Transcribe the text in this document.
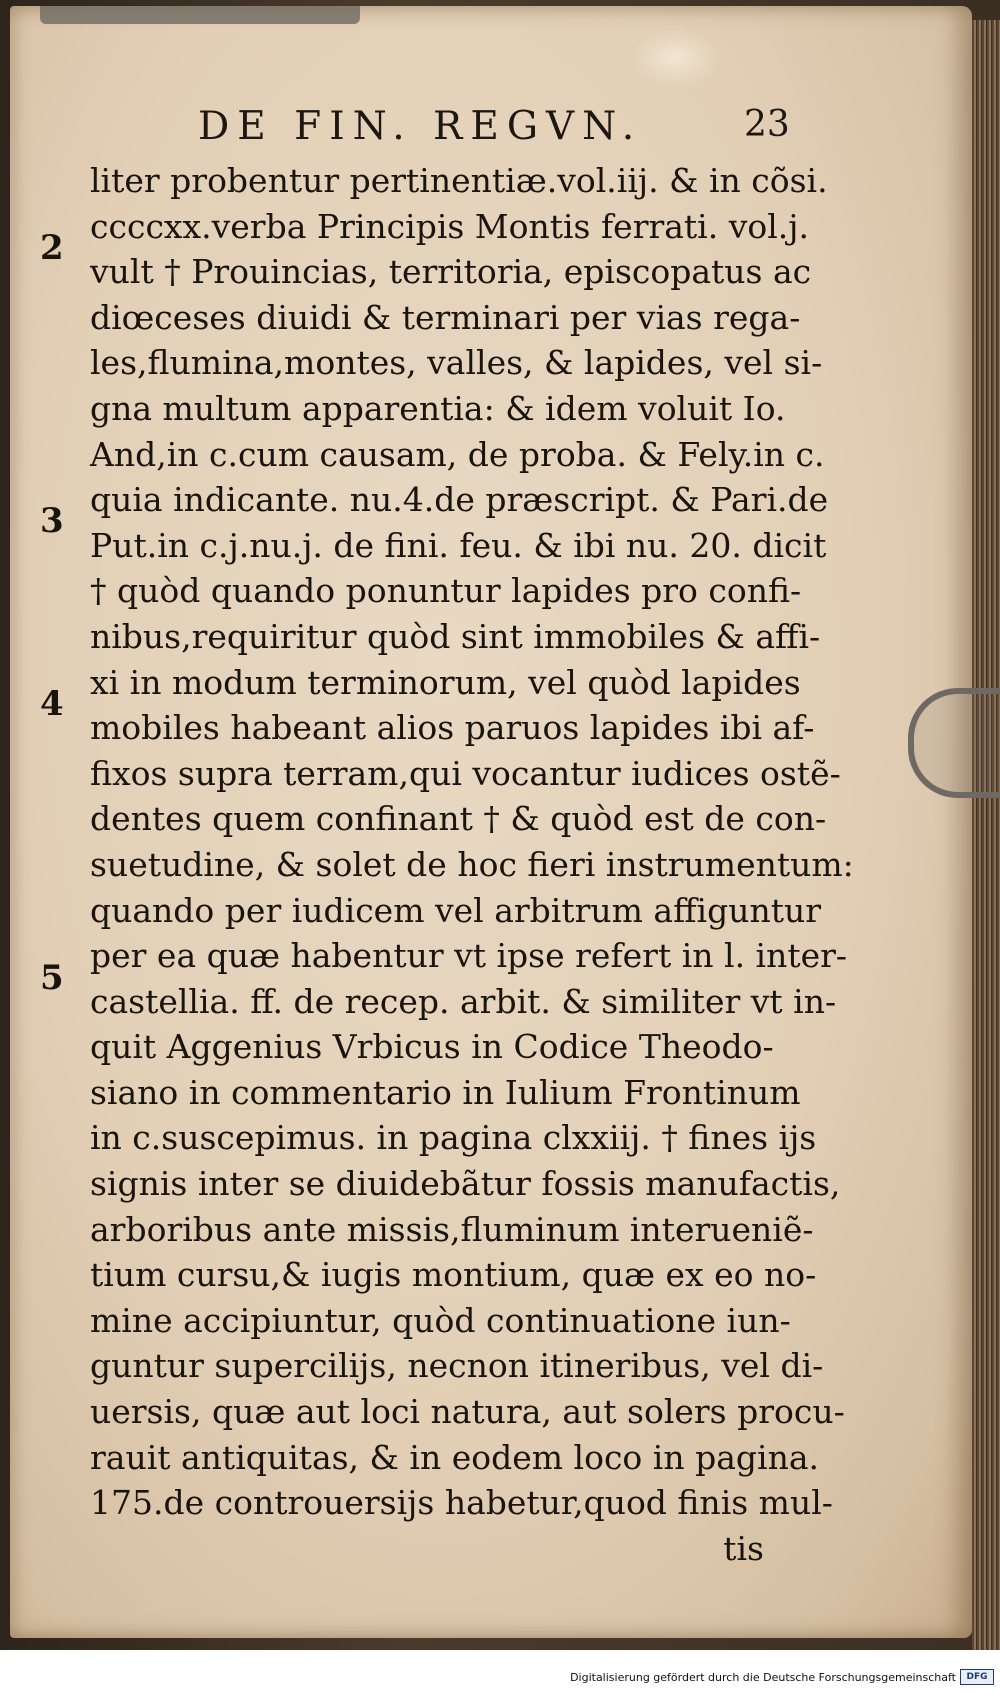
DE FIN. REGVN.	23
2
3
4
5
liter probentur pertinentiæ.vol.iij. & in cõsi.
ccccxx.verba Principis Montis ferrati. vol.j.
vult † Prouincias, territoria, episcopatus ac
diœceses diuidi & terminari per vias rega-
les,flumina,montes, valles, & lapides, vel si-
gna multum apparentia: & idem voluit Io.
And,in c.cum causam, de proba. & Fely.in c.
quia indicante. nu.4.de præscript. & Pari.de
Put.in c.j.nu.j. de fini. feu. & ibi nu. 20. dicit
† quòd quando ponuntur lapides pro confi-
nibus,requiritur quòd sint immobiles & affi-
xi in modum terminorum, vel quòd lapides
mobiles habeant alios paruos lapides ibi af-
fixos supra terram,qui vocantur iudices ostẽ-
dentes quem confinant † & quòd est de con-
suetudine, & solet de hoc fieri instrumentum:
quando per iudicem vel arbitrum affiguntur
per ea quæ habentur vt ipse refert in l. inter-
castellia. ff. de recep. arbit. & similiter vt in-
quit Aggenius Vrbicus in Codice Theodo-
siano in commentario in Iulium Frontinum
in c.suscepimus. in pagina clxxiij. † fines ijs
signis inter se diuidebãtur fossis manufactis,
arboribus ante missis,fluminum interueniẽ-
tium cursu,& iugis montium, quæ ex eo no-
mine accipiuntur, quòd continuatione iun-
guntur supercilijs, necnon itineribus, vel di-
uersis, quæ aut loci natura, aut solers procu-
rauit antiquitas, & in eodem loco in pagina.
175.de controuersijs habetur,quod finis mul-
tis
Digitalisierung gefördert durch die Deutsche Forschungsgemeinschaft	DFG
